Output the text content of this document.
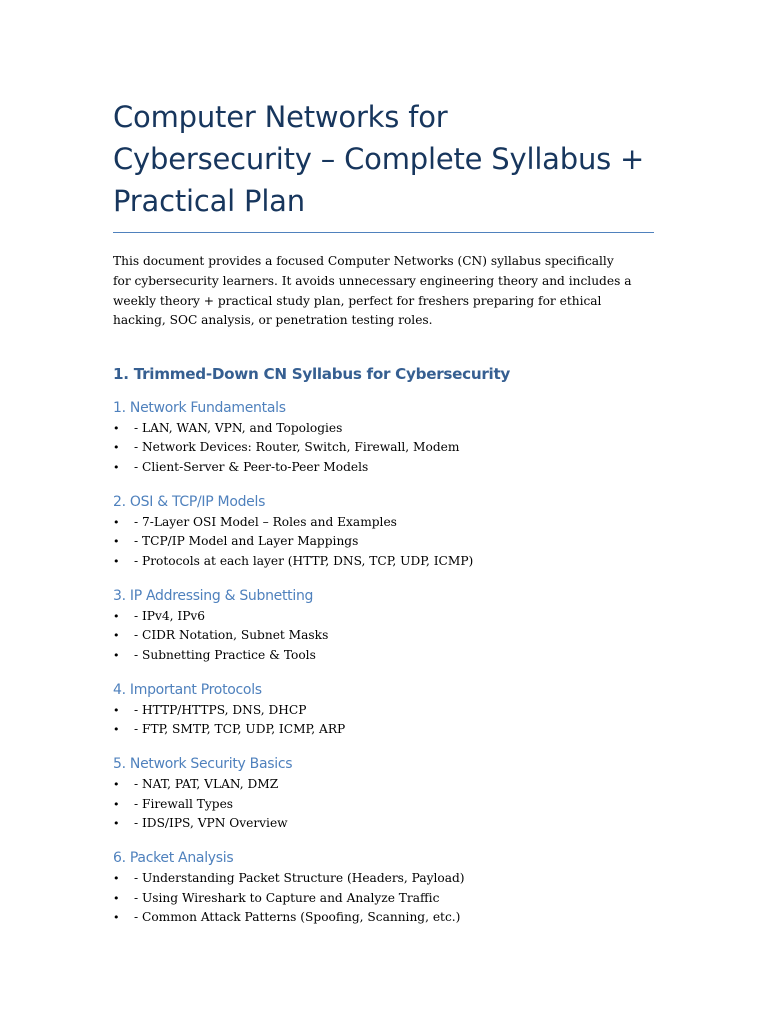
Computer Networks for Cybersecurity – Complete Syllabus + Practical Plan

This document provides a focused Computer Networks (CN) syllabus specifically for cybersecurity learners. It avoids unnecessary engineering theory and includes a weekly theory + practical study plan, perfect for freshers preparing for ethical hacking, SOC analysis, or penetration testing roles.

1. Trimmed-Down CN Syllabus for Cybersecurity
1. Network Fundamentals
•	- LAN, WAN, VPN, and Topologies
•	- Network Devices: Router, Switch, Firewall, Modem
•	- Client-Server & Peer-to-Peer Models
2. OSI & TCP/IP Models
•	- 7-Layer OSI Model – Roles and Examples
•	- TCP/IP Model and Layer Mappings
•	- Protocols at each layer (HTTP, DNS, TCP, UDP, ICMP)
3. IP Addressing & Subnetting
•	- IPv4, IPv6
•	- CIDR Notation, Subnet Masks
•	- Subnetting Practice & Tools
4. Important Protocols
•	- HTTP/HTTPS, DNS, DHCP
•	- FTP, SMTP, TCP, UDP, ICMP, ARP
5. Network Security Basics
•	- NAT, PAT, VLAN, DMZ
•	- Firewall Types
•	- IDS/IPS, VPN Overview
6. Packet Analysis
•	- Understanding Packet Structure (Headers, Payload)
•	- Using Wireshark to Capture and Analyze Traffic
•	- Common Attack Patterns (Spoofing, Scanning, etc.)
